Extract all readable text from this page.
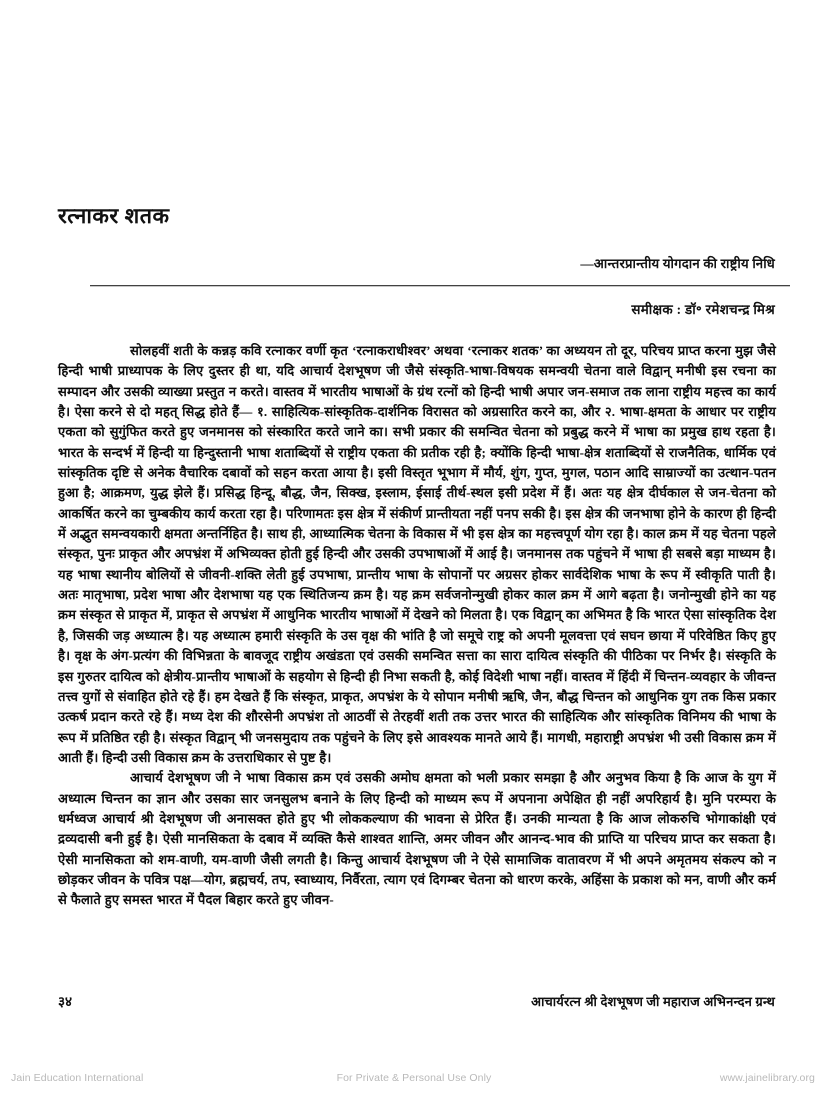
रत्नाकर शतक
—आन्तरप्रान्तीय योगदान की राष्ट्रीय निधि
समीक्षक : डॉ॰ रमेशचन्द्र मिश्र

सोलहवीं शती के कन्नड़ कवि रत्नाकर वर्णी कृत ‘रत्नाकराधीश्वर’ अथवा ‘रत्नाकर शतक’ का अध्ययन तो दूर, परिचय प्राप्त करना मुझ जैसे हिन्दी भाषी प्राध्यापक के लिए दुस्तर ही था, यदि आचार्य देशभूषण जी जैसे संस्कृति-भाषा-विषयक समन्वयी चेतना वाले विद्वान् मनीषी इस रचना का सम्पादन और उसकी व्याख्या प्रस्तुत न करते। वास्तव में भारतीय भाषाओं के ग्रंथ रत्नों को हिन्दी भाषी अपार जन-समाज तक लाना राष्ट्रीय महत्त्व का कार्य है। ऐसा करने से दो महत् सिद्ध होते हैं— १. साहित्यिक-सांस्कृतिक-दार्शनिक विरासत को अग्रसारित करने का, और २. भाषा-क्षमता के आधार पर राष्ट्रीय एकता को सुगुंफित करते हुए जनमानस को संस्कारित करते जाने का। सभी प्रकार की समन्वित चेतना को प्रबुद्ध करने में भाषा का प्रमुख हाथ रहता है। भारत के सन्दर्भ में हिन्दी या हिन्दुस्तानी भाषा शताब्दियों से राष्ट्रीय एकता की प्रतीक रही है; क्योंकि हिन्दी भाषा-क्षेत्र शताब्दियों से राजनैतिक, धार्मिक एवं सांस्कृतिक दृष्टि से अनेक वैचारिक दबावों को सहन करता आया है। इसी विस्तृत भूभाग में मौर्य, शुंग, गुप्त, मुगल, पठान आदि साम्राज्यों का उत्थान-पतन हुआ है; आक्रमण, युद्ध झेले हैं। प्रसिद्ध हिन्दू, बौद्ध, जैन, सिक्ख, इस्लाम, ईसाई तीर्थ-स्थल इसी प्रदेश में हैं। अतः यह क्षेत्र दीर्घकाल से जन-चेतना को आकर्षित करने का चुम्बकीय कार्य करता रहा है। परिणामतः इस क्षेत्र में संकीर्ण प्रान्तीयता नहीं पनप सकी है। इस क्षेत्र की जनभाषा होने के कारण ही हिन्दी में अद्भुत समन्वयकारी क्षमता अन्तर्निहित है। साथ ही, आध्यात्मिक चेतना के विकास में भी इस क्षेत्र का महत्त्वपूर्ण योग रहा है। काल क्रम में यह चेतना पहले संस्कृत, पुनः प्राकृत और अपभ्रंश में अभिव्यक्त होती हुई हिन्दी और उसकी उपभाषाओं में आई है। जनमानस तक पहुंचने में भाषा ही सबसे बड़ा माध्यम है। यह भाषा स्थानीय बोलियों से जीवनी-शक्ति लेती हुई उपभाषा, प्रान्तीय भाषा के सोपानों पर अग्रसर होकर सार्वदेशिक भाषा के रूप में स्वीकृति पाती है। अतः मातृभाषा, प्रदेश भाषा और देशभाषा यह एक स्थितिजन्य क्रम है। यह क्रम सर्वजनोन्मुखी होकर काल क्रम में आगे बढ़ता है। जनोन्मुखी होने का यह क्रम संस्कृत से प्राकृत में, प्राकृत से अपभ्रंश में आधुनिक भारतीय भाषाओं में देखने को मिलता है। एक विद्वान् का अभिमत है कि भारत ऐसा सांस्कृतिक देश है, जिसकी जड़ अध्यात्म है। यह अध्यात्म हमारी संस्कृति के उस वृक्ष की भांति है जो समूचे राष्ट्र को अपनी मूलवत्ता एवं सघन छाया में परिवेष्ठित किए हुए है। वृक्ष के अंग-प्रत्यंग की विभिन्नता के बावजूद राष्ट्रीय अखंडता एवं उसकी समन्वित सत्ता का सारा दायित्व संस्कृति की पीठिका पर निर्भर है। संस्कृति के इस गुरुतर दायित्व को क्षेत्रीय-प्रान्तीय भाषाओं के सहयोग से हिन्दी ही निभा सकती है, कोई विदेशी भाषा नहीं। वास्तव में हिंदी में चिन्तन-व्यवहार के जीवन्त तत्त्व युगों से संवाहित होते रहे हैं। हम देखते हैं कि संस्कृत, प्राकृत, अपभ्रंश के ये सोपान मनीषी ऋषि, जैन, बौद्ध चिन्तन को आधुनिक युग तक किस प्रकार उत्कर्ष प्रदान करते रहे हैं। मध्य देश की शौरसेनी अपभ्रंश तो आठवीं से तेरहवीं शती तक उत्तर भारत की साहित्यिक और सांस्कृतिक विनिमय की भाषा के रूप में प्रतिष्ठित रही है। संस्कृत विद्वान् भी जनसमुदाय तक पहुंचने के लिए इसे आवश्यक मानते आये हैं। मागधी, महाराष्ट्री अपभ्रंश भी उसी विकास क्रम में आती हैं। हिन्दी उसी विकास क्रम के उत्तराधिकार से पुष्ट है।

आचार्य देशभूषण जी ने भाषा विकास क्रम एवं उसकी अमोघ क्षमता को भली प्रकार समझा है और अनुभव किया है कि आज के युग में अध्यात्म चिन्तन का ज्ञान और उसका सार जनसुलभ बनाने के लिए हिन्दी को माध्यम रूप में अपनाना अपेक्षित ही नहीं अपरिहार्य है। मुनि परम्परा के धर्मध्वज आचार्य श्री देशभूषण जी अनासक्त होते हुए भी लोककल्याण की भावना से प्रेरित हैं। उनकी मान्यता है कि आज लोकरुचि भोगाकांक्षी एवं द्रव्यदासी बनी हुई है। ऐसी मानसिकता के दबाव में व्यक्ति कैसे शाश्वत शान्ति, अमर जीवन और आनन्द-भाव की प्राप्ति या परिचय प्राप्त कर सकता है। ऐसी मानसिकता को शम-वाणी, यम-वाणी जैसी लगती है। किन्तु आचार्य देशभूषण जी ने ऐसे सामाजिक वातावरण में भी अपने अमृतमय संकल्प को न छोड़कर जीवन के पवित्र पक्ष—योग, ब्रह्मचर्य, तप, स्वाध्याय, निर्वैरता, त्याग एवं दिगम्बर चेतना को धारण करके, अहिंसा के प्रकाश को मन, वाणी और कर्म से फैलाते हुए समस्त भारत में पैदल बिहार करते हुए जीवन-

३४	आचार्यरत्न श्री देशभूषण जी महाराज अभिनन्दन ग्रन्थ
Jain Education International	For Private & Personal Use Only	www.jainelibrary.org
